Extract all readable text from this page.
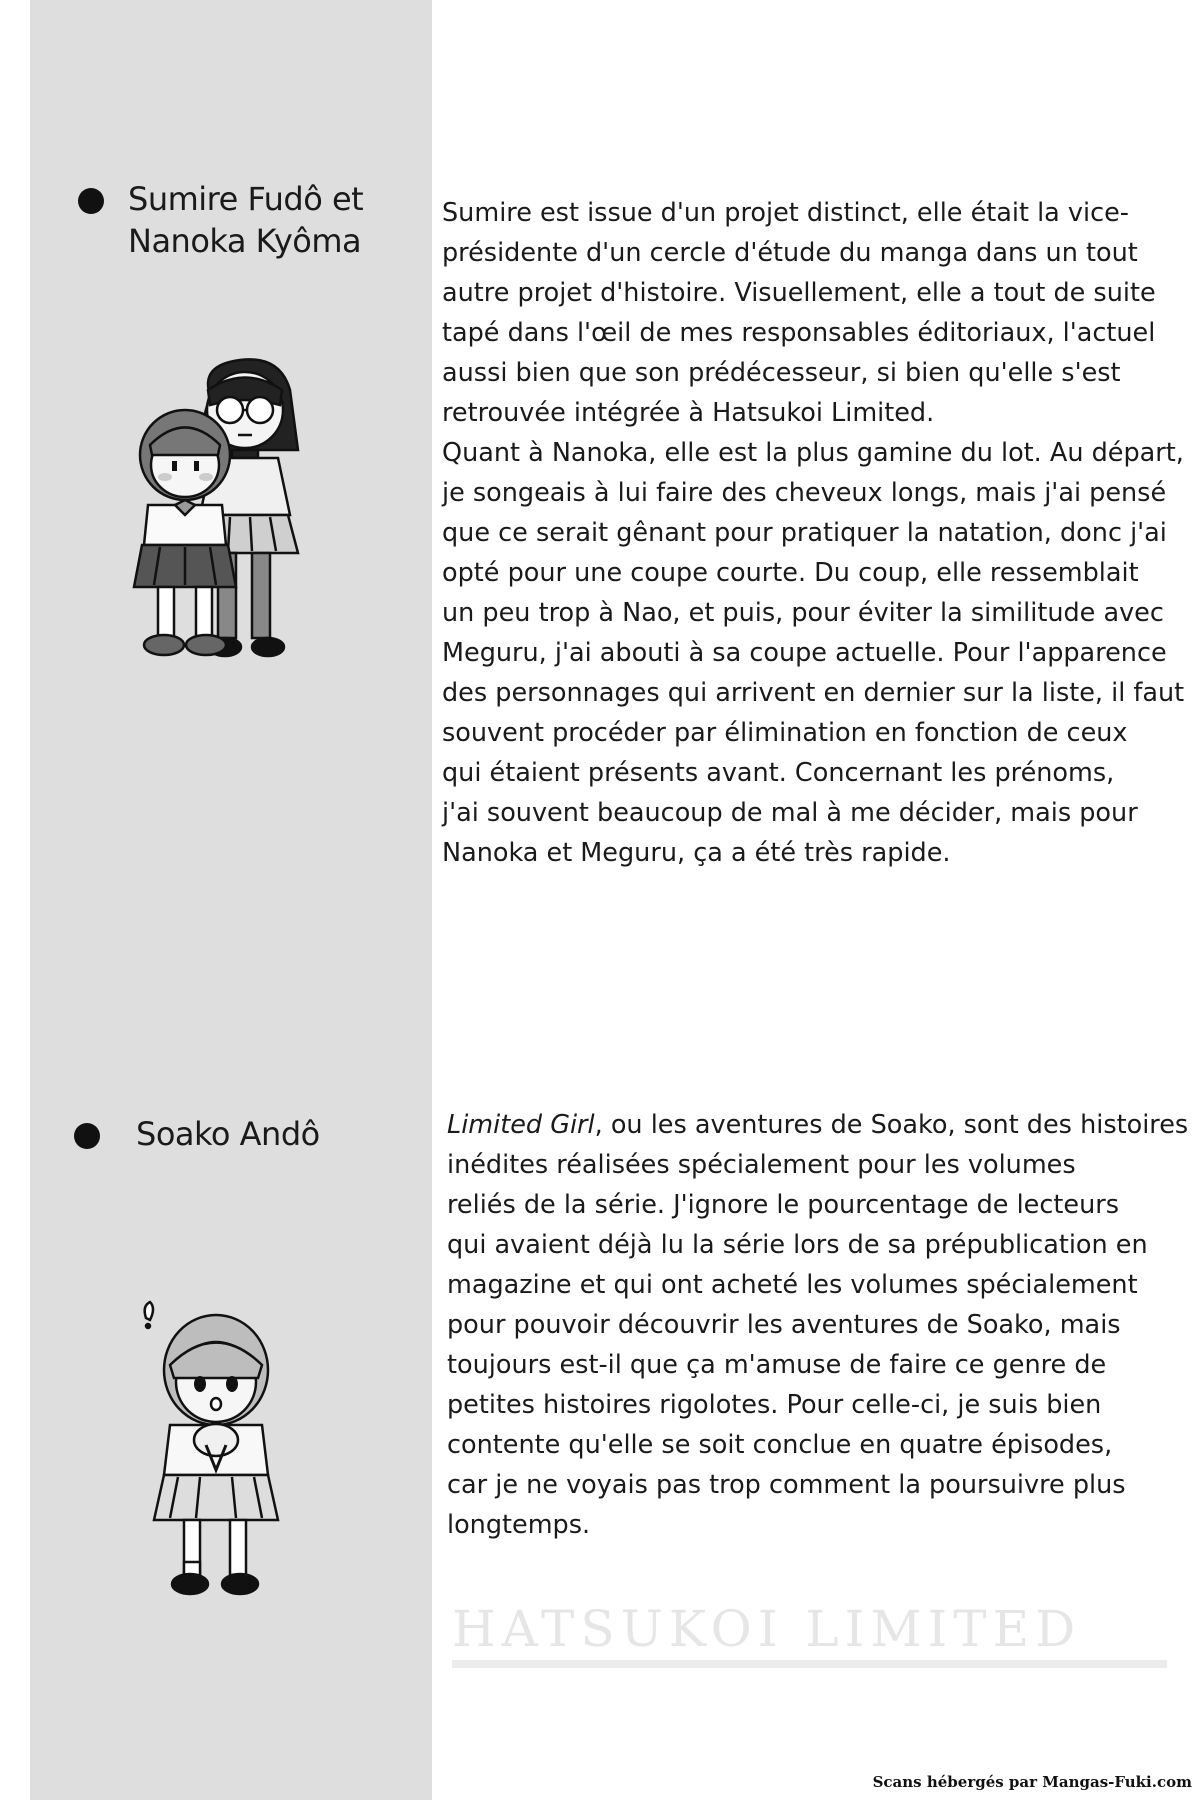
Sumire Fudô et
Nanoka Kyôma

Sumire est issue d'un projet distinct, elle était la vice-

présidente d'un cercle d'étude du manga dans un tout

autre projet d'histoire. Visuellement, elle a tout de suite

tapé dans l'œil de mes responsables éditoriaux, l'actuel

aussi bien que son prédécesseur, si bien qu'elle s'est

retrouvée intégrée à Hatsukoi Limited.

Quant à Nanoka, elle est la plus gamine du lot. Au départ,

je songeais à lui faire des cheveux longs, mais j'ai pensé

que ce serait gênant pour pratiquer la natation, donc j'ai

opté pour une coupe courte. Du coup, elle ressemblait

un peu trop à Nao, et puis, pour éviter la similitude avec

Meguru, j'ai abouti à sa coupe actuelle. Pour l'apparence

des personnages qui arrivent en dernier sur la liste, il faut

souvent procéder par élimination en fonction de ceux

qui étaient présents avant. Concernant les prénoms,

j'ai souvent beaucoup de mal à me décider, mais pour

Nanoka et Meguru, ça a été très rapide.

Soako Andô	Limited Girl, ou les aventures de Soako, sont des histoires

inédites réalisées spécialement pour les volumes

reliés de la série. J'ignore le pourcentage de lecteurs

qui avaient déjà lu la série lors de sa prépublication en

magazine et qui ont acheté les volumes spécialement

pour pouvoir découvrir les aventures de Soako, mais

toujours est-il que ça m'amuse de faire ce genre de

petites histoires rigolotes. Pour celle-ci, je suis bien

contente qu'elle se soit conclue en quatre épisodes,

car je ne voyais pas trop comment la poursuivre plus

longtemps.

HATSUKOI LIMITED
Scans hébergés par Mangas-Fuki.com
